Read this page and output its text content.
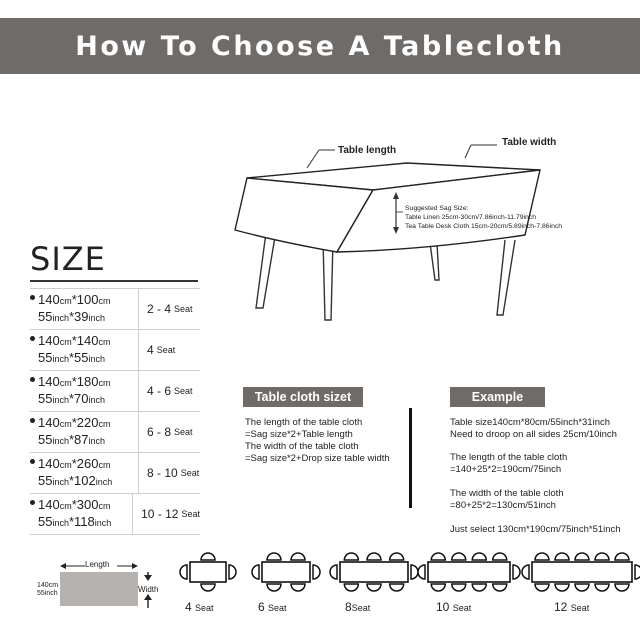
How To Choose A Tablecloth
Table length
Table width
Suggested Sag Size:
Table Linen 25cm-30cm/7.86inch-11.79inch
Tea Table Desk Cloth 15cm-20cm/5.89inch-7.86inch
SIZE
140cm*100cm
55inch*39inch
2 - 4 Seat
140cm*140cm
55inch*55inch
4 Seat
140cm*180cm
55inch*70inch
4 - 6 Seat
140cm*220cm
55inch*87inch
6 - 8 Seat
140cm*260cm
55inch*102inch
8 - 10 Seat
140cm*300cm
55inch*118inch
10 - 12 Seat
Table cloth sizet
The length of the table cloth
=Sag size*2+Table length
The width of the table cloth
=Sag size*2+Drop size table width
Example
Table size140cm*80cm/55inch*31inch
Need to droop on all sides 25cm/10inch
The length of the table cloth
=140+25*2=190cm/75inch
The width of the table cloth
=80+25*2=130cm/51inch
Just select 130cm*190cm/75inch*51inch
Length
Width
140cm
55inch
4 Seat	6 Seat	8Seat	10 Seat	12 Seat
